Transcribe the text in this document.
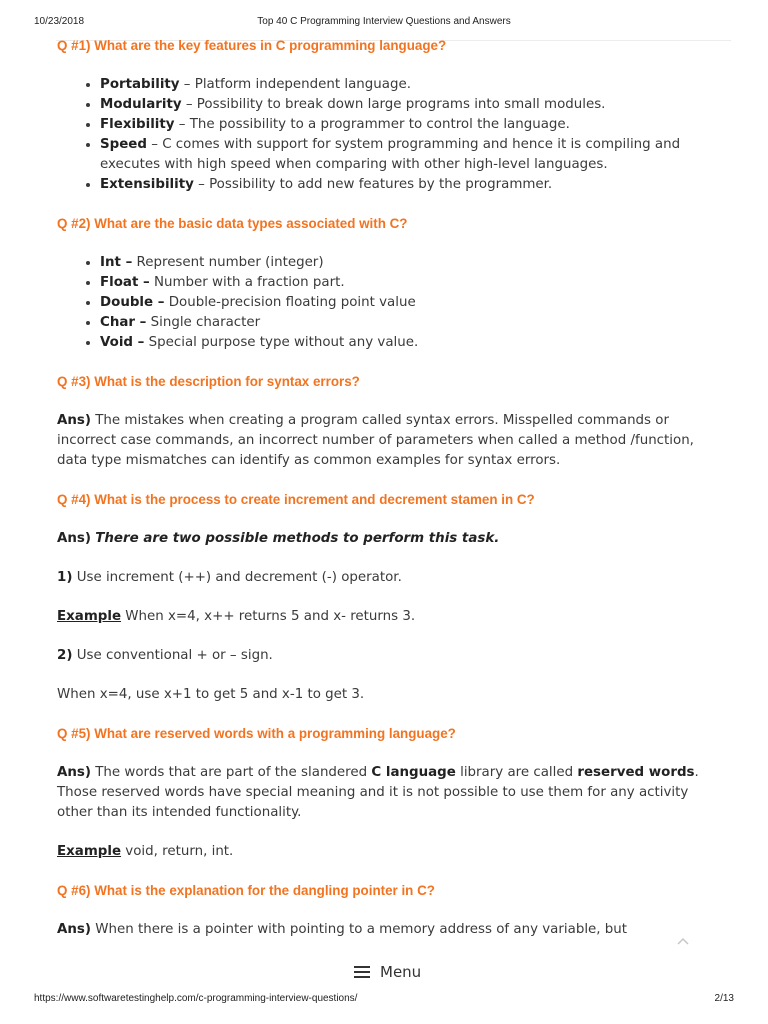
10/23/2018	Top 40 C Programming Interview Questions and Answers
Q #1) What are the key features in C programming language?
• Portability – Platform independent language.
• Modularity – Possibility to break down large programs into small modules.
• Flexibility – The possibility to a programmer to control the language.
• Speed – C comes with support for system programming and hence it is compiling and executes with high speed when comparing with other high-level languages.
• Extensibility – Possibility to add new features by the programmer.
Q #2) What are the basic data types associated with C?
• Int – Represent number (integer)
• Float – Number with a fraction part.
• Double – Double-precision floating point value
• Char – Single character
• Void – Special purpose type without any value.
Q #3) What is the description for syntax errors?

Ans) The mistakes when creating a program called syntax errors. Misspelled commands or incorrect case commands, an incorrect number of parameters when called a method /function, data type mismatches can identify as common examples for syntax errors.

Q #4) What is the process to create increment and decrement stamen in C?

Ans) There are two possible methods to perform this task.

1) Use increment (++) and decrement (-) operator.

Example When x=4, x++ returns 5 and x- returns 3.

2) Use conventional + or – sign.

When x=4, use x+1 to get 5 and x-1 to get 3.

Q #5) What are reserved words with a programming language?

Ans) The words that are part of the slandered C language library are called reserved words. Those reserved words have special meaning and it is not possible to use them for any activity other than its intended functionality.

Example void, return, int.

Q #6) What is the explanation for the dangling pointer in C?

Ans) When there is a pointer with pointing to a memory address of any variable, but

Menu
https://www.softwaretestinghelp.com/c-programming-interview-questions/	2/13
